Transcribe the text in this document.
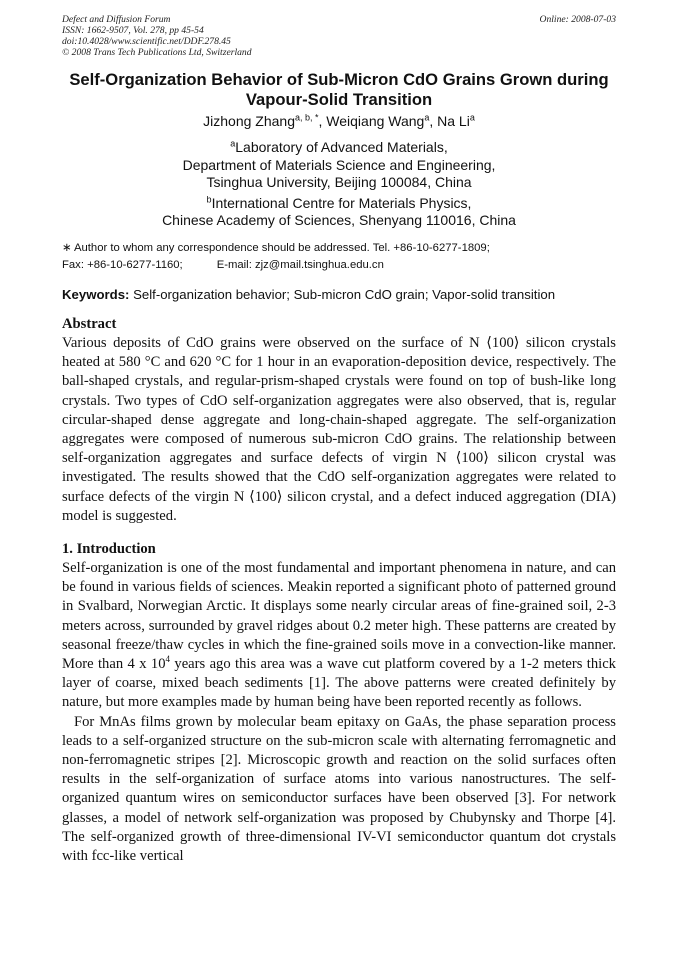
Defect and Diffusion Forum
ISSN: 1662-9507, Vol. 278, pp 45-54
doi:10.4028/www.scientific.net/DDF.278.45
© 2008 Trans Tech Publications Ltd, Switzerland
Online: 2008-07-03
Self-Organization Behavior of Sub-Micron CdO Grains Grown during Vapour-Solid Transition
Jizhong Zhang$^{a, b, *}$, Weiqiang Wang$^a$, Na Li$^a$
$^a$Laboratory of Advanced Materials,
Department of Materials Science and Engineering,
Tsinghua University, Beijing 100084, China
$^b$International Centre for Materials Physics,
Chinese Academy of Sciences, Shenyang 110016, China
∗ Author to whom any correspondence should be addressed. Tel. +86-10-6277-1809;
Fax: +86-10-6277-1160;	E-mail: zjz@mail.tsinghua.edu.cn
Keywords: Self-organization behavior; Sub-micron CdO grain; Vapor-solid transition
Abstract

Various deposits of CdO grains were observed on the surface of N ⟨100⟩ silicon crystals heated at 580 °C and 620 °C for 1 hour in an evaporation-deposition device, respectively. The ball-shaped crystals, and regular-prism-shaped crystals were found on top of bush-like long crystals. Two types of CdO self-organization aggregates were also observed, that is, regular circular-shaped dense aggregate and long-chain-shaped aggregate. The self-organization aggregates were composed of numerous sub-micron CdO grains. The relationship between self-organization aggregates and surface defects of virgin N ⟨100⟩ silicon crystal was investigated. The results showed that the CdO self-organization aggregates were related to surface defects of the virgin N ⟨100⟩ silicon crystal, and a defect induced aggregation (DIA) model is suggested.

1. Introduction

Self-organization is one of the most fundamental and important phenomena in nature, and can be found in various fields of sciences. Meakin reported a significant photo of patterned ground in Svalbard, Norwegian Arctic. It displays some nearly circular areas of fine-grained soil, 2-3 meters across, surrounded by gravel ridges about 0.2 meter high. These patterns are created by seasonal freeze/thaw cycles in which the fine-grained soils move in a convection-like manner. More than 4 x $10^4$ years ago this area was a wave cut platform covered by a 1-2 meters thick layer of coarse, mixed beach sediments [1]. The above patterns were created definitely by nature, but more examples made by human being have been reported recently as follows.

For MnAs films grown by molecular beam epitaxy on GaAs, the phase separation process leads to a self-organized structure on the sub-micron scale with alternating ferromagnetic and non-ferromagnetic stripes [2]. Microscopic growth and reaction on the solid surfaces often results in the self-organization of surface atoms into various nanostructures. The self-organized quantum wires on semiconductor surfaces have been observed [3]. For network glasses, a model of network self-organization was proposed by Chubynsky and Thorpe [4]. The self-organized growth of three-dimensional IV-VI semiconductor quantum dot crystals with fcc-like vertical
